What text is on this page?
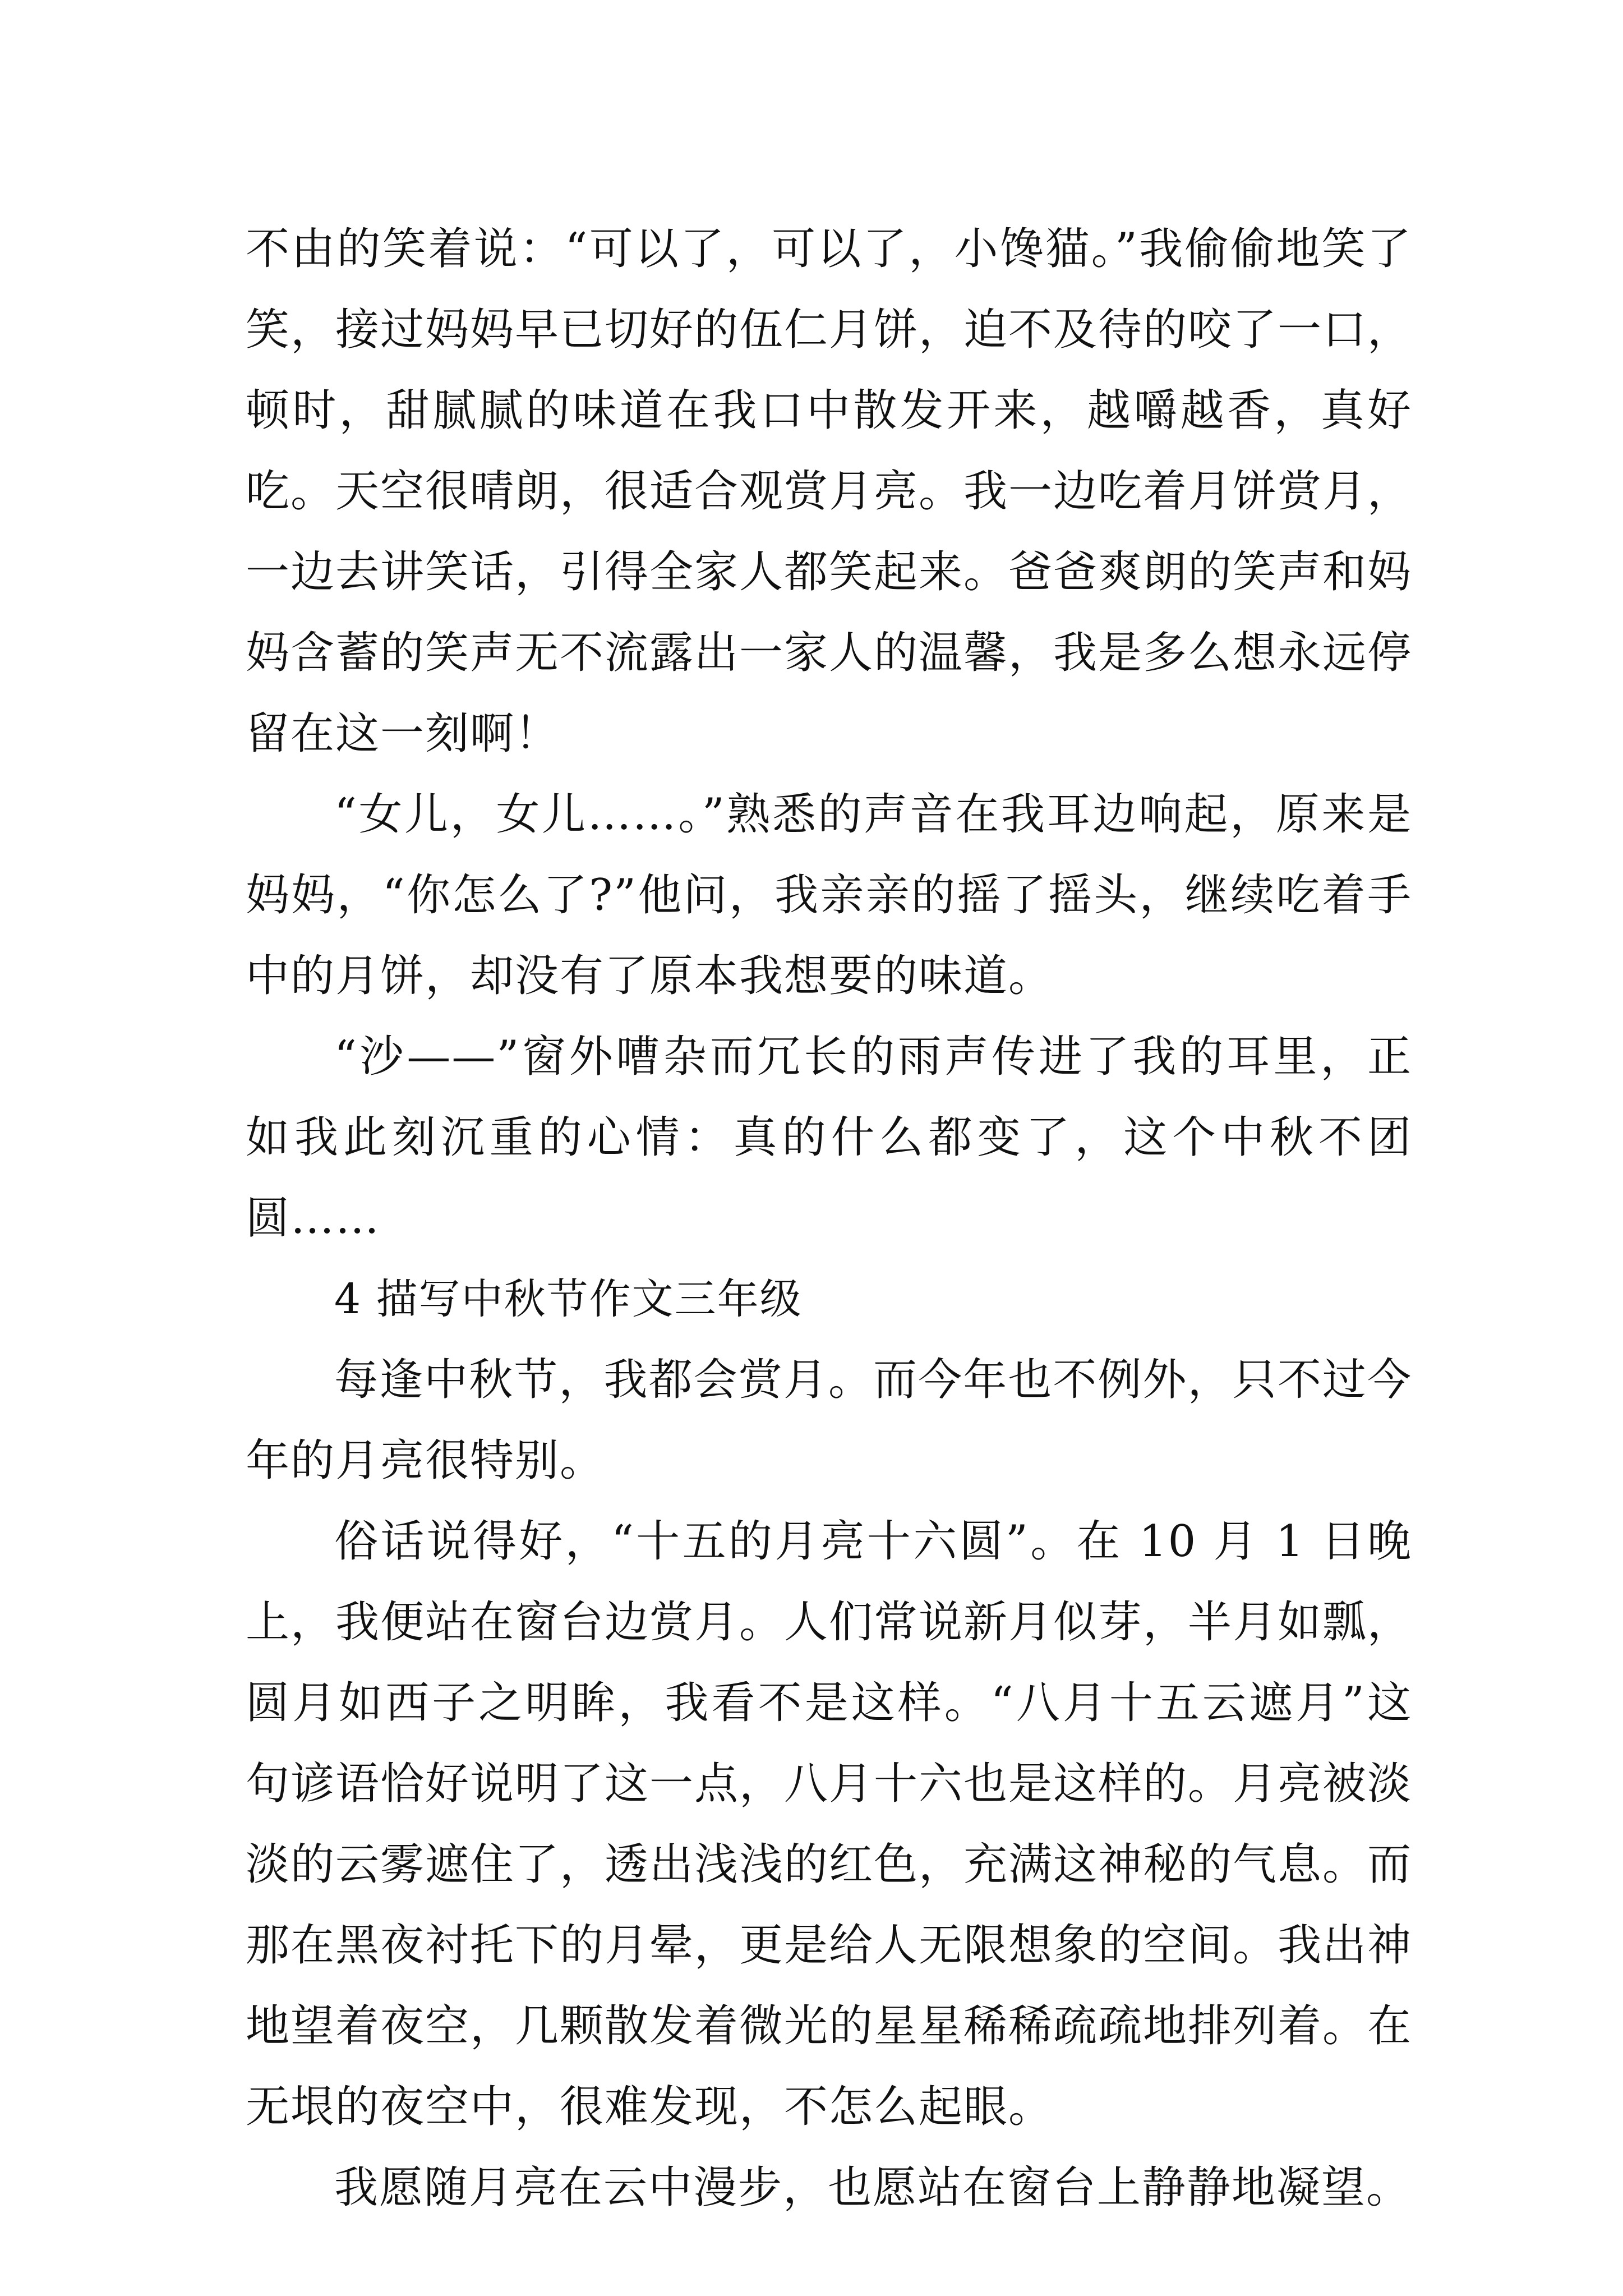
不由的笑着说：“可以了，可以了，小馋猫。”我偷偷地笑了笑，接过妈妈早已切好的伍仁月饼，迫不及待的咬了一口，顿时，甜腻腻的味道在我口中散发开来，越嚼越香，真好吃。天空很晴朗，很适合观赏月亮。我一边吃着月饼赏月，一边去讲笑话，引得全家人都笑起来。爸爸爽朗的笑声和妈妈含蓄的笑声无不流露出一家人的温馨，我是多么想永远停留在这一刻啊！

“女儿，女儿……。”熟悉的声音在我耳边响起，原来是妈妈，“你怎么了?”他问，我亲亲的摇了摇头，继续吃着手中的月饼，却没有了原本我想要的味道。

“沙——”窗外嘈杂而冗长的雨声传进了我的耳里，正如我此刻沉重的心情：真的什么都变了，这个中秋不团圆……

4 描写中秋节作文三年级

每逢中秋节，我都会赏月。而今年也不例外，只不过今年的月亮很特别。

俗话说得好，“十五的月亮十六圆”。在 10 月 1 日晚上，我便站在窗台边赏月。人们常说新月似芽，半月如瓢，圆月如西子之明眸，我看不是这样。“八月十五云遮月”这句谚语恰好说明了这一点，八月十六也是这样的。月亮被淡淡的云雾遮住了，透出浅浅的红色，充满这神秘的气息。而那在黑夜衬托下的月晕，更是给人无限想象的空间。我出神地望着夜空，几颗散发着微光的星星稀稀疏疏地排列着。在无垠的夜空中，很难发现，不怎么起眼。

我愿随月亮在云中漫步，也愿站在窗台上静静地凝望。
